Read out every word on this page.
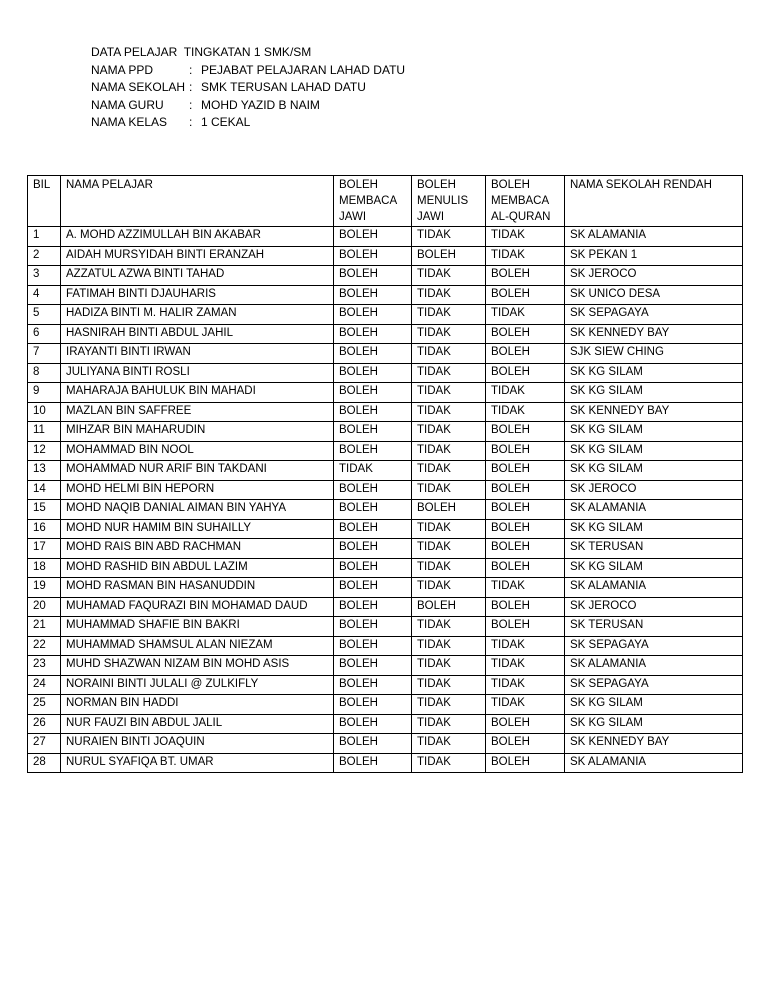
DATA PELAJAR  TINGKATAN 1 SMK/SM
NAMA PPD	: PEJABAT PELAJARAN LAHAD DATU
NAMA SEKOLAH : SMK TERUSAN LAHAD DATU
NAMA GURU	: MOHD YAZID B NAIM
NAMA KELAS	: 1 CEKAL
BIL	NAMA PELAJAR	BOLEH MEMBACA JAWI	BOLEH MENULIS JAWI	BOLEH MEMBACA AL-QURAN	NAMA SEKOLAH RENDAH
1	A. MOHD AZZIMULLAH BIN AKABAR	BOLEH	TIDAK	TIDAK	SK ALAMANIA
2	AIDAH MURSYIDAH BINTI ERANZAH	BOLEH	BOLEH	TIDAK	SK PEKAN 1
3	AZZATUL AZWA BINTI TAHAD	BOLEH	TIDAK	BOLEH	SK JEROCO
4	FATIMAH BINTI DJAUHARIS	BOLEH	TIDAK	BOLEH	SK UNICO DESA
5	HADIZA BINTI M. HALIR ZAMAN	BOLEH	TIDAK	TIDAK	SK SEPAGAYA
6	HASNIRAH BINTI ABDUL JAHIL	BOLEH	TIDAK	BOLEH	SK KENNEDY BAY
7	IRAYANTI BINTI IRWAN	BOLEH	TIDAK	BOLEH	SJK SIEW CHING
8	JULIYANA BINTI ROSLI	BOLEH	TIDAK	BOLEH	SK KG SILAM
9	MAHARAJA BAHULUK BIN MAHADI	BOLEH	TIDAK	TIDAK	SK KG SILAM
10	MAZLAN BIN SAFFREE	BOLEH	TIDAK	TIDAK	SK KENNEDY BAY
11	MIHZAR BIN MAHARUDIN	BOLEH	TIDAK	BOLEH	SK KG SILAM
12	MOHAMMAD BIN NOOL	BOLEH	TIDAK	BOLEH	SK KG SILAM
13	MOHAMMAD NUR ARIF BIN TAKDANI	TIDAK	TIDAK	BOLEH	SK KG SILAM
14	MOHD HELMI BIN HEPORN	BOLEH	TIDAK	BOLEH	SK JEROCO
15	MOHD NAQIB DANIAL AIMAN BIN YAHYA	BOLEH	BOLEH	BOLEH	SK ALAMANIA
16	MOHD NUR HAMIM BIN SUHAILLY	BOLEH	TIDAK	BOLEH	SK KG SILAM
17	MOHD RAIS BIN ABD RACHMAN	BOLEH	TIDAK	BOLEH	SK TERUSAN
18	MOHD RASHID BIN ABDUL LAZIM	BOLEH	TIDAK	BOLEH	SK KG SILAM
19	MOHD RASMAN BIN HASANUDDIN	BOLEH	TIDAK	TIDAK	SK ALAMANIA
20	MUHAMAD FAQURAZI BIN MOHAMAD DAUD	BOLEH	BOLEH	BOLEH	SK JEROCO
21	MUHAMMAD SHAFIE BIN BAKRI	BOLEH	TIDAK	BOLEH	SK TERUSAN
22	MUHAMMAD SHAMSUL ALAN NIEZAM	BOLEH	TIDAK	TIDAK	SK SEPAGAYA
23	MUHD SHAZWAN NIZAM BIN MOHD ASIS	BOLEH	TIDAK	TIDAK	SK ALAMANIA
24	NORAINI BINTI JULALI @ ZULKIFLY	BOLEH	TIDAK	TIDAK	SK SEPAGAYA
25	NORMAN BIN HADDI	BOLEH	TIDAK	TIDAK	SK KG SILAM
26	NUR FAUZI BIN ABDUL JALIL	BOLEH	TIDAK	BOLEH	SK KG SILAM
27	NURAIEN BINTI JOAQUIN	BOLEH	TIDAK	BOLEH	SK KENNEDY BAY
28	NURUL SYAFIQA BT. UMAR	BOLEH	TIDAK	BOLEH	SK ALAMANIA
